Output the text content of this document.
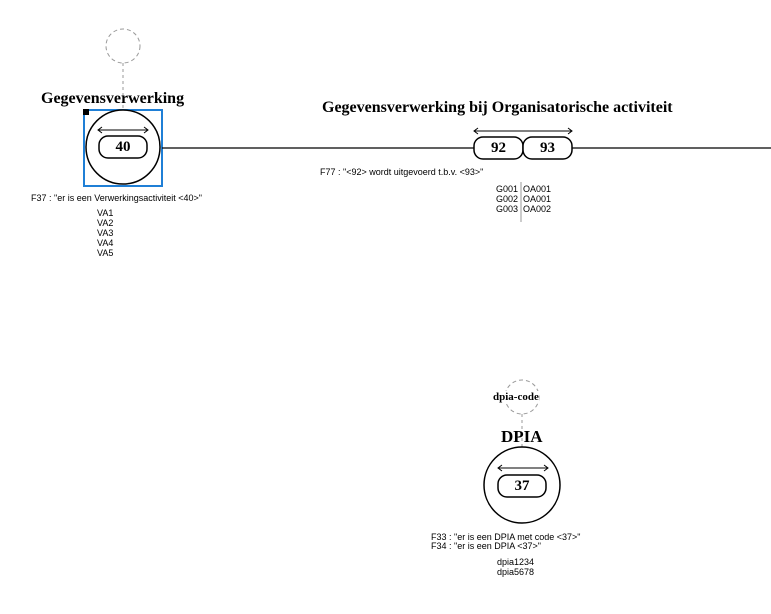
Gegevensverwerking
40
F37 : "er is een Verwerkingsactiviteit <40>"
VA1
VA2
VA3
VA4
VA5
Gegevensverwerking bij Organisatorische activiteit
92	93
F77 : "<92> wordt uitgevoerd t.b.v. <93>"
G001
G002
G003
OA001
OA001
OA002
dpia-code
DPIA
37
F33 : "er is een DPIA met code <37>"
F34 : "er is een DPIA <37>"
dpia1234
dpia5678
